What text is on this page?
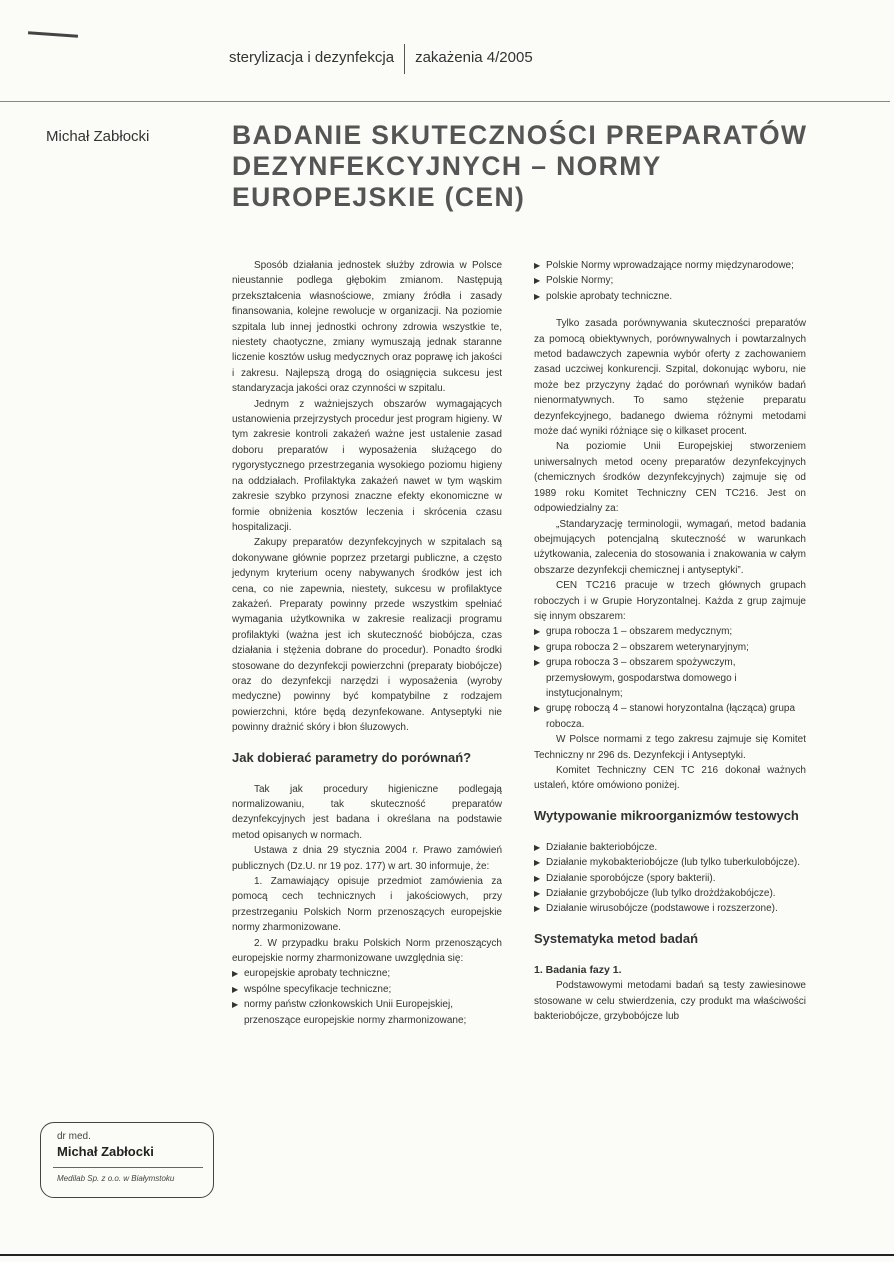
sterylizacja i dezynfekcja zakażenia 4/2005
Michał Zabłocki	BADANIE SKUTECZNOŚCI PREPARATÓW DEZYNFEKCYJNYCH – NORMY EUROPEJSKIE (CEN)

Sposób działania jednostek służby zdrowia w Polsce nieustannie podlega głębokim zmianom. Następują przekształcenia własnościowe, zmiany źródła i zasady finansowania, kolejne rewolucje w organizacji. Na poziomie szpitala lub innej jednostki ochrony zdrowia wszystkie te, niestety chaotyczne, zmiany wymuszają jednak staranne liczenie kosztów usług medycznych oraz poprawę ich jakości i zakresu. Najlepszą drogą do osiągnięcia sukcesu jest standaryzacja jakości oraz czynności w szpitalu.

Jednym z ważniejszych obszarów wymagających ustanowienia przejrzystych procedur jest program higieny. W tym zakresie kontroli zakażeń ważne jest ustalenie zasad doboru preparatów i wyposażenia służącego do rygorystycznego przestrzegania wysokiego poziomu higieny na oddziałach. Profilaktyka zakażeń nawet w tym wąskim zakresie szybko przynosi znaczne efekty ekonomiczne w formie obniżenia kosztów leczenia i skrócenia czasu hospitalizacji.

Zakupy preparatów dezynfekcyjnych w szpitalach są dokonywane głównie poprzez przetargi publiczne, a często jedynym kryterium oceny nabywanych środków jest ich cena, co nie zapewnia, niestety, sukcesu w profilaktyce zakażeń. Preparaty powinny przede wszystkim spełniać wymagania użytkownika w zakresie realizacji programu profilaktyki (ważna jest ich skuteczność biobójcza, czas działania i stężenia dobrane do procedur). Ponadto środki stosowane do dezynfekcji powierzchni (preparaty biobójcze) oraz do dezynfekcji narzędzi i wyposażenia (wyroby medyczne) powinny być kompatybilne z rodzajem powierzchni, które będą dezynfekowane. Antyseptyki nie powinny drażnić skóry i błon śluzowych.

Jak dobierać parametry do porównań?

Tak jak procedury higieniczne podlegają normalizowaniu, tak skuteczność preparatów dezynfekcyjnych jest badana i określana na podstawie metod opisanych w normach.

Ustawa z dnia 29 stycznia 2004 r. Prawo zamówień publicznych (Dz.U. nr 19 poz. 177) w art. 30 informuje, że:

1. Zamawiający opisuje przedmiot zamówienia za pomocą cech technicznych i jakościowych, przy przestrzeganiu Polskich Norm przenoszących europejskie normy zharmonizowane.

2. W przypadku braku Polskich Norm przenoszących europejskie normy zharmonizowane uwzględnia się:

▶ europejskie aprobaty techniczne;
▶ wspólne specyfikacje techniczne;
▶ normy państw członkowskich Unii Europejskiej, przenoszące europejskie normy zharmonizowane;
▶ Polskie Normy wprowadzające normy międzynarodowe;
▶ Polskie Normy;
▶ polskie aprobaty techniczne.

Tylko zasada porównywania skuteczności preparatów za pomocą obiektywnych, porównywalnych i powtarzalnych metod badawczych zapewnia wybór oferty z zachowaniem zasad uczciwej konkurencji. Szpital, dokonując wyboru, nie może bez przyczyny żądać do porównań wyników badań nienormatywnych. To samo stężenie preparatu dezynfekcyjnego, badanego dwiema różnymi metodami może dać wyniki różniące się o kilkaset procent.

Na poziomie Unii Europejskiej stworzeniem uniwersalnych metod oceny preparatów dezynfekcyjnych (chemicznych środków dezynfekcyjnych) zajmuje się od 1989 roku Komitet Techniczny CEN TC216. Jest on odpowiedzialny za:

„Standaryzację terminologii, wymagań, metod badania obejmujących potencjalną skuteczność w warunkach użytkowania, zalecenia do stosowania i znakowania w całym obszarze dezynfekcji chemicznej i antyseptyki”.

CEN TC216 pracuje w trzech głównych grupach roboczych i w Grupie Horyzontalnej. Każda z grup zajmuje się innym obszarem:

▶ grupa robocza 1 – obszarem medycznym;
▶ grupa robocza 2 – obszarem weterynaryjnym;
▶ grupa robocza 3 – obszarem spożywczym, przemysłowym, gospodarstwa domowego i instytucjonalnym;
▶ grupę roboczą 4 – stanowi horyzontalna (łącząca) grupa robocza.

W Polsce normami z tego zakresu zajmuje się Komitet Techniczny nr 296 ds. Dezynfekcji i Antyseptyki.

Komitet Techniczny CEN TC 216 dokonał ważnych ustaleń, które omówiono poniżej.

Wytypowanie mikroorganizmów testowych
▶ Działanie bakteriobójcze.
▶ Działanie mykobakteriobójcze (lub tylko tuberkulobójcze).
▶ Działanie sporobójcze (spory bakterii).
▶ Działanie grzybobójcze (lub tylko drożdżakobójcze).
▶ Działanie wirusobójcze (podstawowe i rozszerzone).
Systematyka metod badań
1. Badania fazy 1.

Podstawowymi metodami badań są testy zawiesinowe stosowane w celu stwierdzenia, czy produkt ma właściwości bakteriobójcze, grzybobójcze lub

dr med.
Michał Zabłocki
Medilab Sp. z o.o. w Białymstoku
